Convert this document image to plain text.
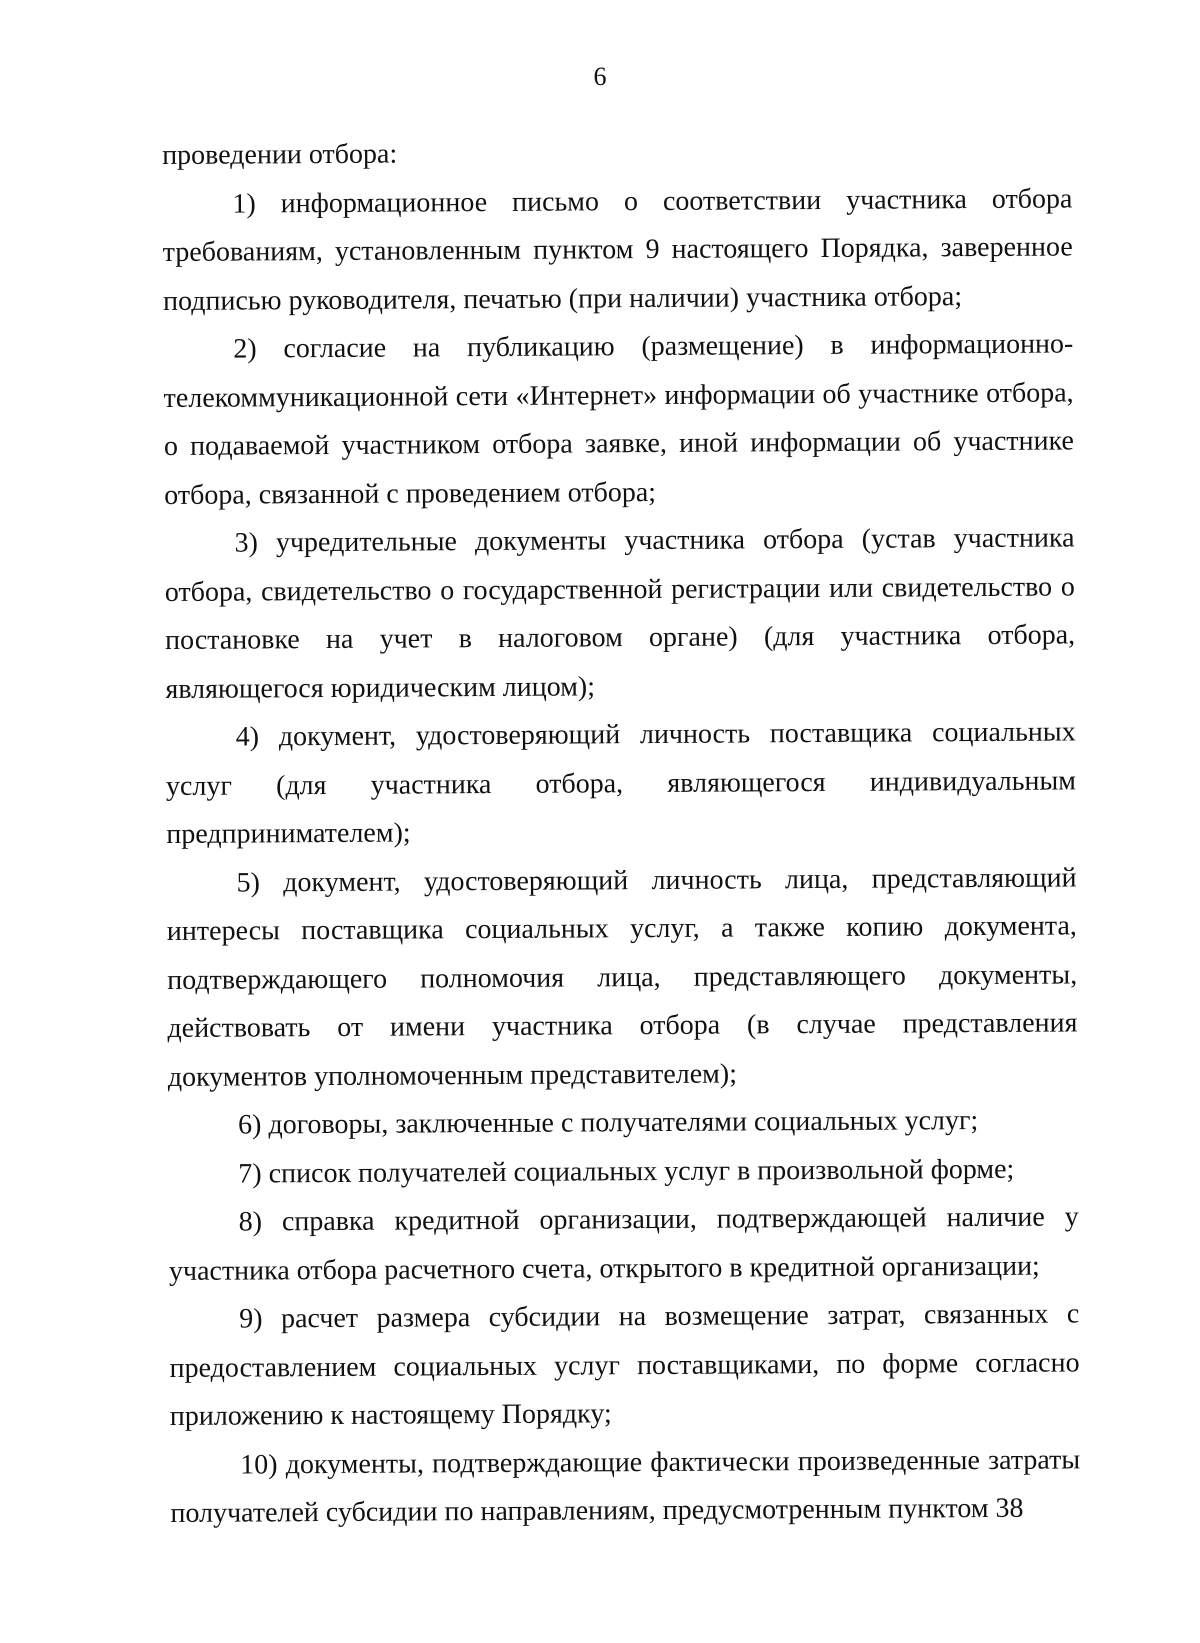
6

проведении отбора:

1) информационное письмо о соответствии участника отбора требованиям, установленным пунктом 9 настоящего Порядка, заверенное подписью руководителя, печатью (при наличии) участника отбора;

2) согласие на публикацию (размещение) в информационно-телекоммуникационной сети «Интернет» информации об участнике отбора, о подаваемой участником отбора заявке, иной информации об участнике отбора, связанной с проведением отбора;

3) учредительные документы участника отбора (устав участника отбора, свидетельство о государственной регистрации или свидетельство о постановке на учет в налоговом органе) (для участника отбора, являющегося юридическим лицом);

4) документ, удостоверяющий личность поставщика социальных услуг (для участника отбора, являющегося индивидуальным предпринимателем);

5) документ, удостоверяющий личность лица, представляющий интересы поставщика социальных услуг, а также копию документа, подтверждающего полномочия лица, представляющего документы, действовать от имени участника отбора (в случае представления документов уполномоченным представителем);

6) договоры, заключенные с получателями социальных услуг;

7) список получателей социальных услуг в произвольной форме;

8) справка кредитной организации, подтверждающей наличие у участника отбора расчетного счета, открытого в кредитной организации;

9) расчет размера субсидии на возмещение затрат, связанных с предоставлением социальных услуг поставщиками, по форме согласно приложению к настоящему Порядку;

10) документы, подтверждающие фактически произведенные затраты получателей субсидии по направлениям, предусмотренным пунктом 38
